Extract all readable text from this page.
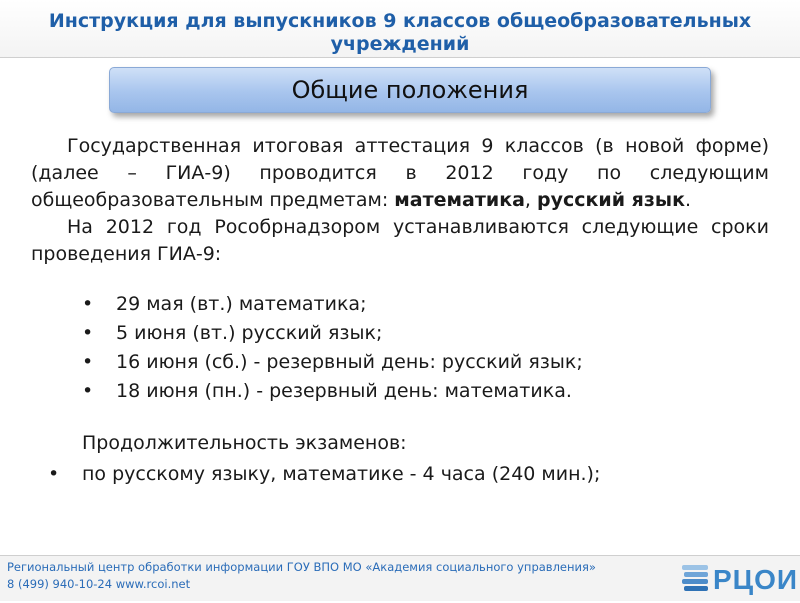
Инструкция для выпускников 9 классов общеобразовательных учреждений
Общие положения

Государственная итоговая аттестация 9 классов (в новой форме) (далее – ГИА-9) проводится в 2012 году по следующим общеобразовательным предметам: математика, русский язык.

На 2012 год Рособрнадзором устанавливаются следующие сроки проведения ГИА-9:

• 29 мая (вт.) математика;
• 5 июня (вт.) русский язык;
• 16 июня (сб.) - резервный день: русский язык;
• 18 июня (пн.) - резервный день: математика.
Продолжительность экзаменов:
• по русскому языку, математике - 4 часа (240 мин.);
Региональный центр обработки информации ГОУ ВПО МО «Академия социального управления»
8 (499) 940-10-24 www.rcoi.net	РЦОИ
